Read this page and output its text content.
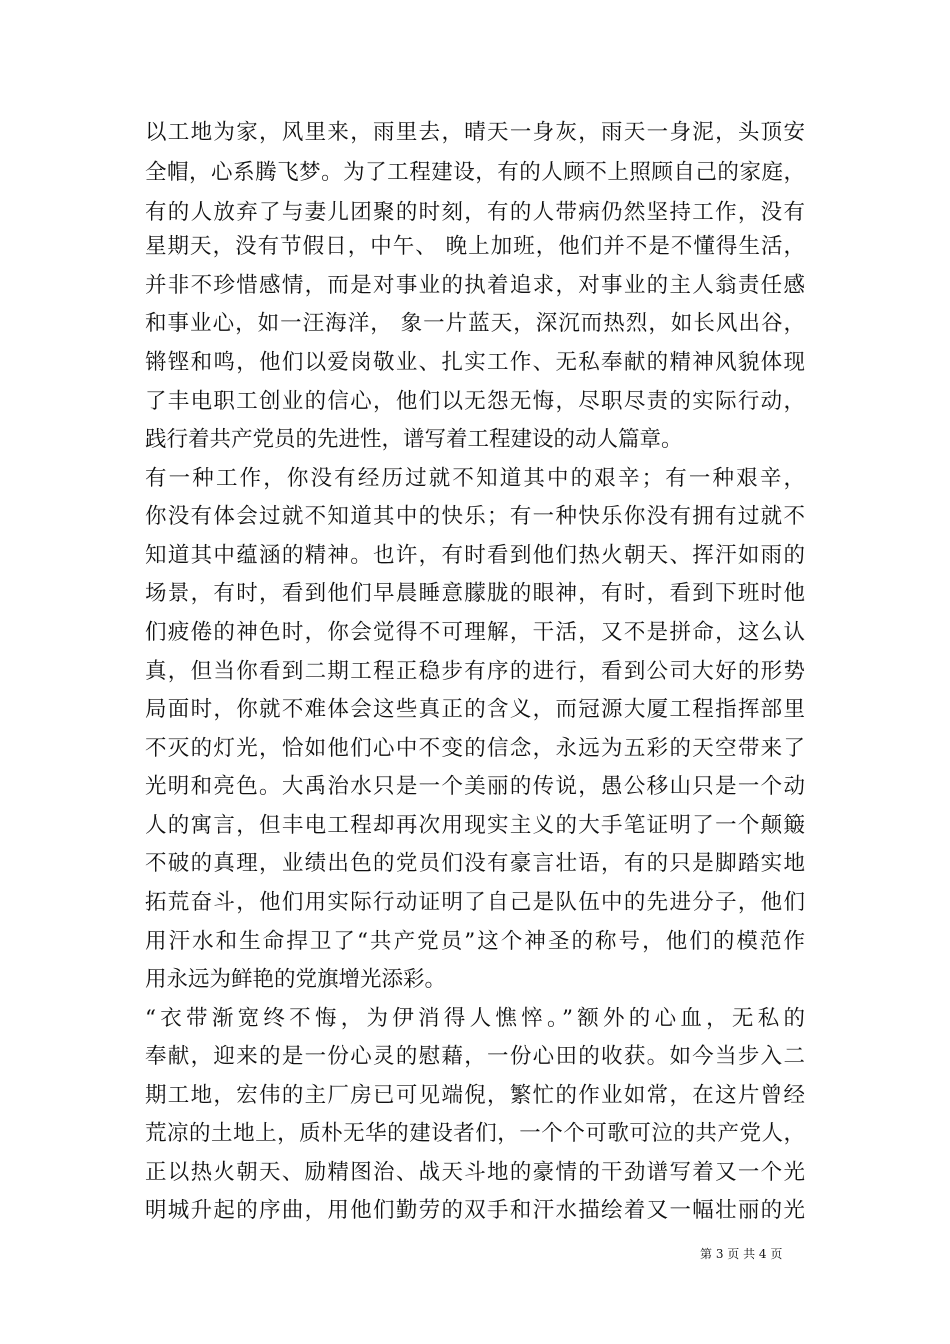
以工地为家，风里来，雨里去，晴天一身灰，雨天一身泥，头顶安
全帽，心系腾飞梦。为了工程建设，有的人顾不上照顾自己的家庭，
有的人放弃了与妻儿团聚的时刻，有的人带病仍然坚持工作，没有
星期天，没有节假日，中午、 晚上加班，他们并不是不懂得生活，
并非不珍惜感情，而是对事业的执着追求，对事业的主人翁责任感
和事业心，如一汪海洋， 象一片蓝天，深沉而热烈，如长风出谷，
锵铿和鸣，他们以爱岗敬业、扎实工作、无私奉献的精神风貌体现
了丰电职工创业的信心，他们以无怨无悔，尽职尽责的实际行动，
践行着共产党员的先进性，谱写着工程建设的动人篇章。
有一种工作，你没有经历过就不知道其中的艰辛；有一种艰辛，
你没有体会过就不知道其中的快乐；有一种快乐你没有拥有过就不
知道其中蕴涵的精神。也许，有时看到他们热火朝天、挥汗如雨的
场景，有时，看到他们早晨睡意朦胧的眼神，有时，看到下班时他
们疲倦的神色时，你会觉得不可理解，干活，又不是拼命，这么认
真，但当你看到二期工程正稳步有序的进行，看到公司大好的形势
局面时，你就不难体会这些真正的含义，而冠源大厦工程指挥部里
不灭的灯光，恰如他们心中不变的信念，永远为五彩的天空带来了
光明和亮色。大禹治水只是一个美丽的传说，愚公移山只是一个动
人的寓言，但丰电工程却再次用现实主义的大手笔证明了一个颠簸
不破的真理，业绩出色的党员们没有豪言壮语，有的只是脚踏实地
拓荒奋斗，他们用实际行动证明了自己是队伍中的先进分子，他们
用汗水和生命捍卫了“共产党员”这个神圣的称号，他们的模范作
用永远为鲜艳的党旗增光添彩。
“衣带渐宽终不悔，为伊消得人憔悴。”额外的心血，无私的
奉献，迎来的是一份心灵的慰藉，一份心田的收获。如今当步入二
期工地，宏伟的主厂房已可见端倪，繁忙的作业如常，在这片曾经
荒凉的土地上，质朴无华的建设者们，一个个可歌可泣的共产党人，
正以热火朝天、励精图治、战天斗地的豪情的干劲谱写着又一个光
明城升起的序曲，用他们勤劳的双手和汗水描绘着又一幅壮丽的光
第 3 页 共 4 页
